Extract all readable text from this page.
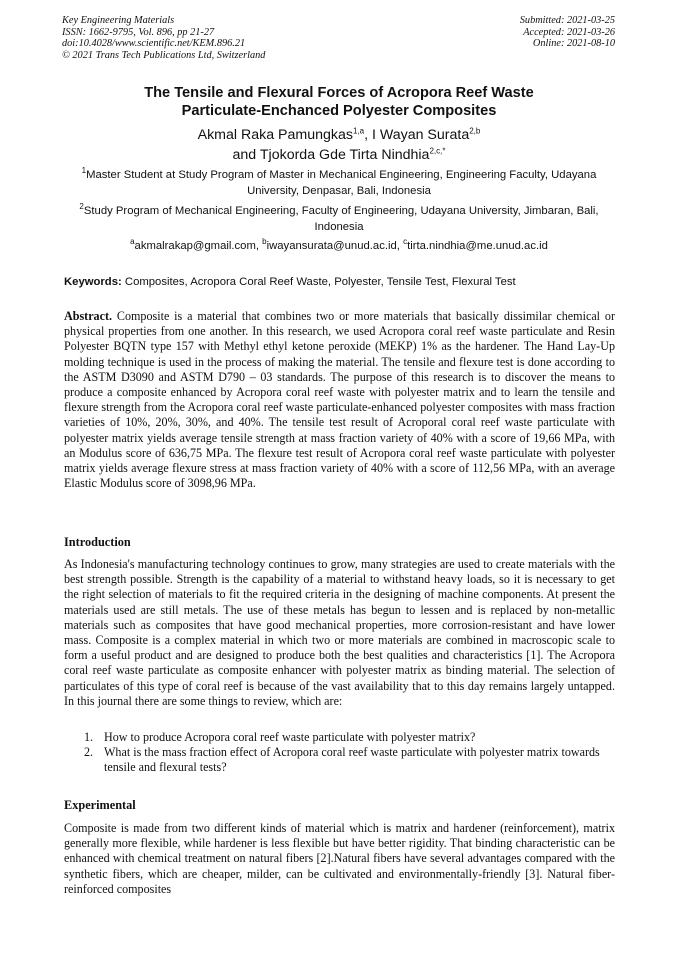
Key Engineering Materials
ISSN: 1662-9795, Vol. 896, pp 21-27
doi:10.4028/www.scientific.net/KEM.896.21
© 2021 Trans Tech Publications Ltd, Switzerland
Submitted: 2021-03-25
Accepted: 2021-03-26
Online: 2021-08-10
The Tensile and Flexural Forces of Acropora Reef Waste
Particulate-Enchanced Polyester Composites
Akmal Raka Pamungkas$^{1,a}$, I Wayan Surata$^{2,b}$
and Tjokorda Gde Tirta Nindhia$^{2,c,*}$
$^1$Master Student at Study Program of Master in Mechanical Engineering, Engineering Faculty, Udayana University, Denpasar, Bali, Indonesia
$^2$Study Program of Mechanical Engineering, Faculty of Engineering, Udayana University, Jimbaran, Bali, Indonesia
$^a$akmalrakap@gmail.com, $^b$iwayansurata@unud.ac.id, $^c$tirta.nindhia@me.unud.ac.id
Keywords: Composites, Acropora Coral Reef Waste, Polyester, Tensile Test, Flexural Test
Abstract. Composite is a material that combines two or more materials that basically dissimilar chemical or physical properties from one another. In this research, we used Acropora coral reef waste particulate and Resin Polyester BQTN type 157 with Methyl ethyl ketone peroxide (MEKP) 1% as the hardener. The Hand Lay-Up molding technique is used in the process of making the material. The tensile and flexure test is done according to the ASTM D3090 and ASTM D790 – 03 standards. The purpose of this research is to discover the means to produce a composite enhanced by Acropora coral reef waste with polyester matrix and to learn the tensile and flexure strength from the Acropora coral reef waste particulate-enhanced polyester composites with mass fraction varieties of 10%, 20%, 30%, and 40%. The tensile test result of Acroporal coral reef waste particulate with polyester matrix yields average tensile strength at mass fraction variety of 40% with a score of 19,66 MPa, with an Modulus score of 636,75 MPa. The flexure test result of Acropora coral reef waste particulate with polyester matrix yields average flexure stress at mass fraction variety of 40% with a score of 112,56 MPa, with an average Elastic Modulus score of 3098,96 MPa.
Introduction
As Indonesia's manufacturing technology continues to grow, many strategies are used to create materials with the best strength possible. Strength is the capability of a material to withstand heavy loads, so it is necessary to get the right selection of materials to fit the required criteria in the designing of machine components. At present the materials used are still metals. The use of these metals has begun to lessen and is replaced by non-metallic materials such as composites that have good mechanical properties, more corrosion-resistant and have lower mass. Composite is a complex material in which two or more materials are combined in macroscopic scale to form a useful product and are designed to produce both the best qualities and characteristics [1]. The Acropora coral reef waste particulate as composite enhancer with polyester matrix as binding material. The selection of particulates of this type of coral reef is because of the vast availability that to this day remains largely untapped. In this journal there are some things to review, which are:
1. How to produce Acropora coral reef waste particulate with polyester matrix?
2. What is the mass fraction effect of Acropora coral reef waste particulate with polyester matrix towards tensile and flexural tests?
Experimental
Composite is made from two different kinds of material which is matrix and hardener (reinforcement), matrix generally more flexible, while hardener is less flexible but have better rigidity. That binding characteristic can be enhanced with chemical treatment on natural fibers [2].Natural fibers have several advantages compared with the synthetic fibers, which are cheaper, milder, can be cultivated and environmentally-friendly [3]. Natural fiber-reinforced composites
